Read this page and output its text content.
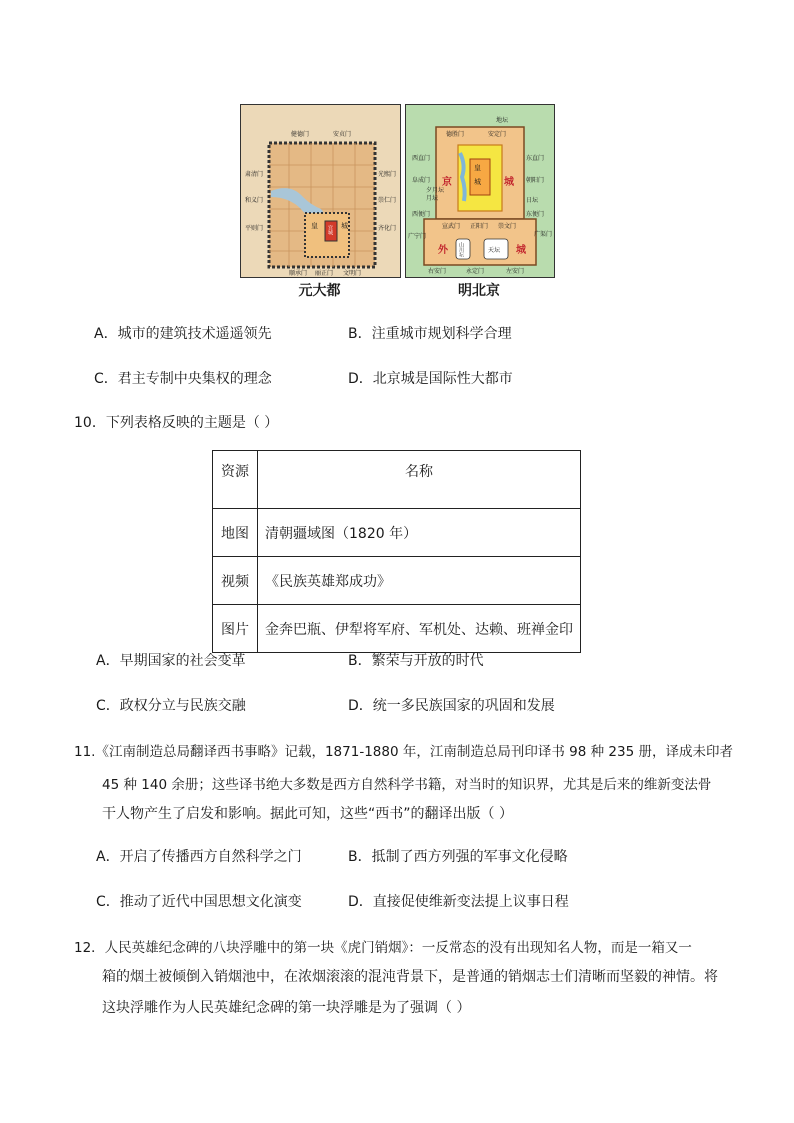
健德门	安贞门
肃清门	光熙门
和义门	崇仁门
平则门	齐化门
顺承门 丽正门 文明门
皇	城
宫城
地坛
德胜门	安定门
西直门	东直门
阜成门	朝阳门
月坛	日坛
西便门	东便门
广宁门
宣武门 正阳门 崇文门
广渠门
右安门	永定门	左安门
夕月坛
京	城
皇
城
外	城
天坛
山川坛
元大都	明北京
A．城市的建筑技术遥遥领先	B．注重城市规划科学合理
C．君主专制中央集权的理念	D．北京城是国际性大都市
10．下列表格反映的主题是（ ）
资源	名称
地图	清朝疆域图（1820 年）
视频	《民族英雄郑成功》
图片	金奔巴瓶、伊犁将军府、军机处、达赖、班禅金印
A．早期国家的社会变革	B．繁荣与开放的时代
C．政权分立与民族交融	D．统一多民族国家的巩固和发展
11.《江南制造总局翻译西书事略》记载，1871-1880 年，江南制造总局刊印译书 98 种 235 册，译成未印者
45 种 140 余册；这些译书绝大多数是西方自然科学书籍，对当时的知识界，尤其是后来的维新变法骨
干人物产生了启发和影响。据此可知，这些“西书”的翻译出版（ ）
A．开启了传播西方自然科学之门	B．抵制了西方列强的军事文化侵略
C．推动了近代中国思想文化演变	D．直接促使维新变法提上议事日程
12．人民英雄纪念碑的八块浮雕中的第一块《虎门销烟》：一反常态的没有出现知名人物，而是一箱又一
箱的烟土被倾倒入销烟池中，在浓烟滚滚的混沌背景下，是普通的销烟志士们清晰而坚毅的神情。将
这块浮雕作为人民英雄纪念碑的第一块浮雕是为了强调（ ）
